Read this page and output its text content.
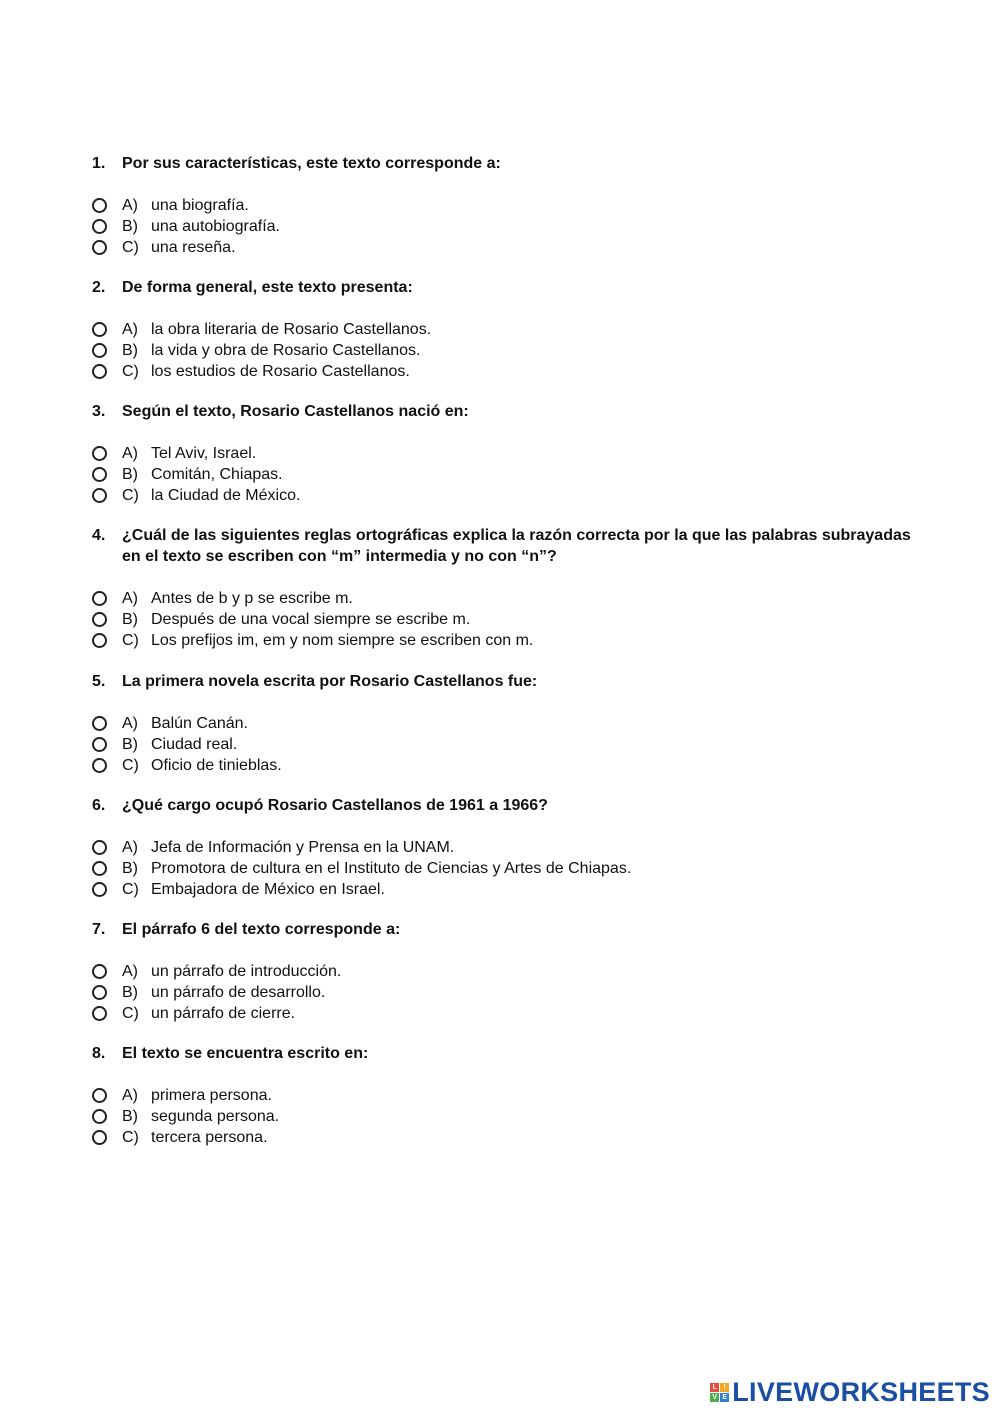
1.	Por sus características, este texto corresponde a:
A) una biografía.
B) una autobiografía.
C) una reseña.
2.	De forma general, este texto presenta:
A) la obra literaria de Rosario Castellanos.
B) la vida y obra de Rosario Castellanos.
C) los estudios de Rosario Castellanos.
3.	Según el texto, Rosario Castellanos nació en:
A) Tel Aviv, Israel.
B) Comitán, Chiapas.
C) la Ciudad de México.
4.	¿Cuál de las siguientes reglas ortográficas explica la razón correcta por la que las palabras subrayadas en el texto se escriben con “m” intermedia y no con “n”?
A) Antes de b y p se escribe m.
B) Después de una vocal siempre se escribe m.
C) Los prefijos im, em y nom siempre se escriben con m.
5.	La primera novela escrita por Rosario Castellanos fue:
A) Balún Canán.
B) Ciudad real.
C) Oficio de tinieblas.
6.	¿Qué cargo ocupó Rosario Castellanos de 1961 a 1966?
A) Jefa de Información y Prensa en la UNAM.
B) Promotora de cultura en el Instituto de Ciencias y Artes de Chiapas.
C) Embajadora de México en Israel.
7.	El párrafo 6 del texto corresponde a:
A) un párrafo de introducción.
B) un párrafo de desarrollo.
C) un párrafo de cierre.
8.	El texto se encuentra escrito en:
A) primera persona.
B) segunda persona.
C) tercera persona.
L I
V E LIVEWORKSHEETS
